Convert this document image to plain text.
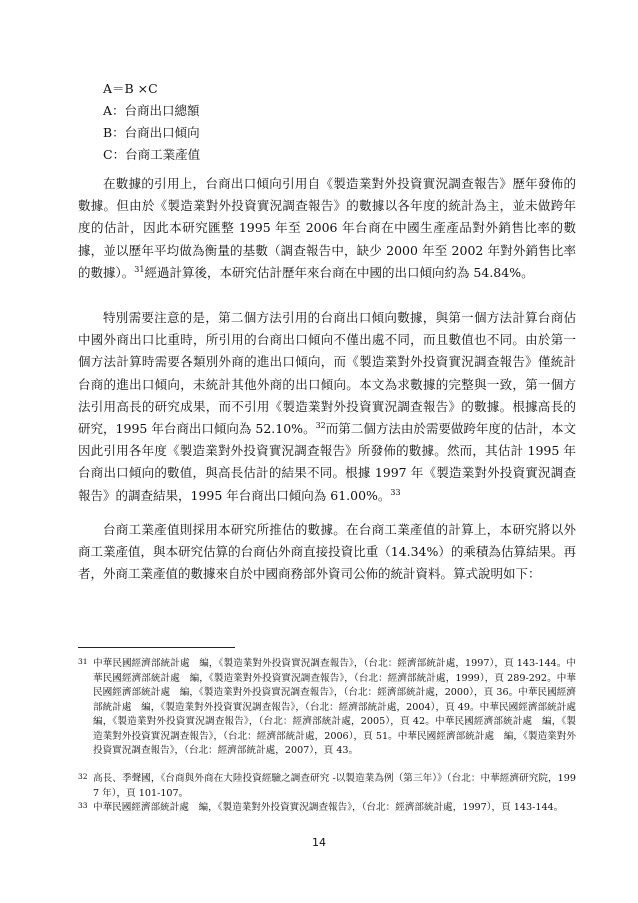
A＝B ×C
A：台商出口總額
B：台商出口傾向
C：台商工業產值

在數據的引用上，台商出口傾向引用自《製造業對外投資實況調查報告》歷年發佈的數據。但由於《製造業對外投資實況調查報告》的數據以各年度的統計為主，並未做跨年度的估計，因此本研究匯整 1995 年至 2006 年台商在中國生產產品對外銷售比率的數據，並以歷年平均做為衡量的基數（調查報告中，缺少 2000 年至 2002 年對外銷售比率的數據）。$^{31}$經過計算後，本研究估計歷年來台商在中國的出口傾向約為 54.84%。

特別需要注意的是，第二個方法引用的台商出口傾向數據，與第一個方法計算台商佔中國外商出口比重時，所引用的台商出口傾向不僅出處不同，而且數值也不同。由於第一個方法計算時需要各類別外商的進出口傾向，而《製造業對外投資實況調查報告》僅統計台商的進出口傾向，未統計其他外商的出口傾向。本文為求數據的完整與一致，第一個方法引用高長的研究成果，而不引用《製造業對外投資實況調查報告》的數據。根據高長的研究，1995 年台商出口傾向為 52.10%。$^{32}$而第二個方法由於需要做跨年度的估計，本文因此引用各年度《製造業對外投資實況調查報告》所發佈的數據。然而，其估計 1995 年台商出口傾向的數值，與高長估計的結果不同。根據 1997 年《製造業對外投資實況調查報告》的調查結果，1995 年台商出口傾向為 61.00%。$^{33}$

台商工業產值則採用本研究所推估的數據。在台商工業產值的計算上，本研究將以外商工業產值，與本研究估算的台商佔外商直接投資比重（14.34%）的乘積為估算結果。再者，外商工業產值的數據來自於中國商務部外資司公佈的統計資料。算式說明如下：

31 中華民國經濟部統計處　編，《製造業對外投資實況調查報告》，（台北：經濟部統計處，1997），頁 143-144。中華民國經濟部統計處　編，《製造業對外投資實況調查報告》，（台北：經濟部統計處，1999），頁 289-292。中華民國經濟部統計處　編，《製造業對外投資實況調查報告》，（台北：經濟部統計處，2000），頁 36。中華民國經濟部統計處　編，《製造業對外投資實況調查報告》，（台北：經濟部統計處，2004），頁 49。中華民國經濟部統計處　編，《製造業對外投資實況調查報告》，（台北：經濟部統計處，2005），頁 42。中華民國經濟部統計處　編，《製造業對外投資實況調查報告》，（台北：經濟部統計處，2006），頁 51。中華民國經濟部統計處　編，《製造業對外投資實況調查報告》，（台北：經濟部統計處，2007），頁 43。
32 高長、季聲國，《台商與外商在大陸投資經驗之調查研究 -以製造業為例（第三年）》（台北：中華經濟研究院，1997 年），頁 101-107。
33 中華民國經濟部統計處　編，《製造業對外投資實況調查報告》，（台北：經濟部統計處，1997），頁 143-144。
14
